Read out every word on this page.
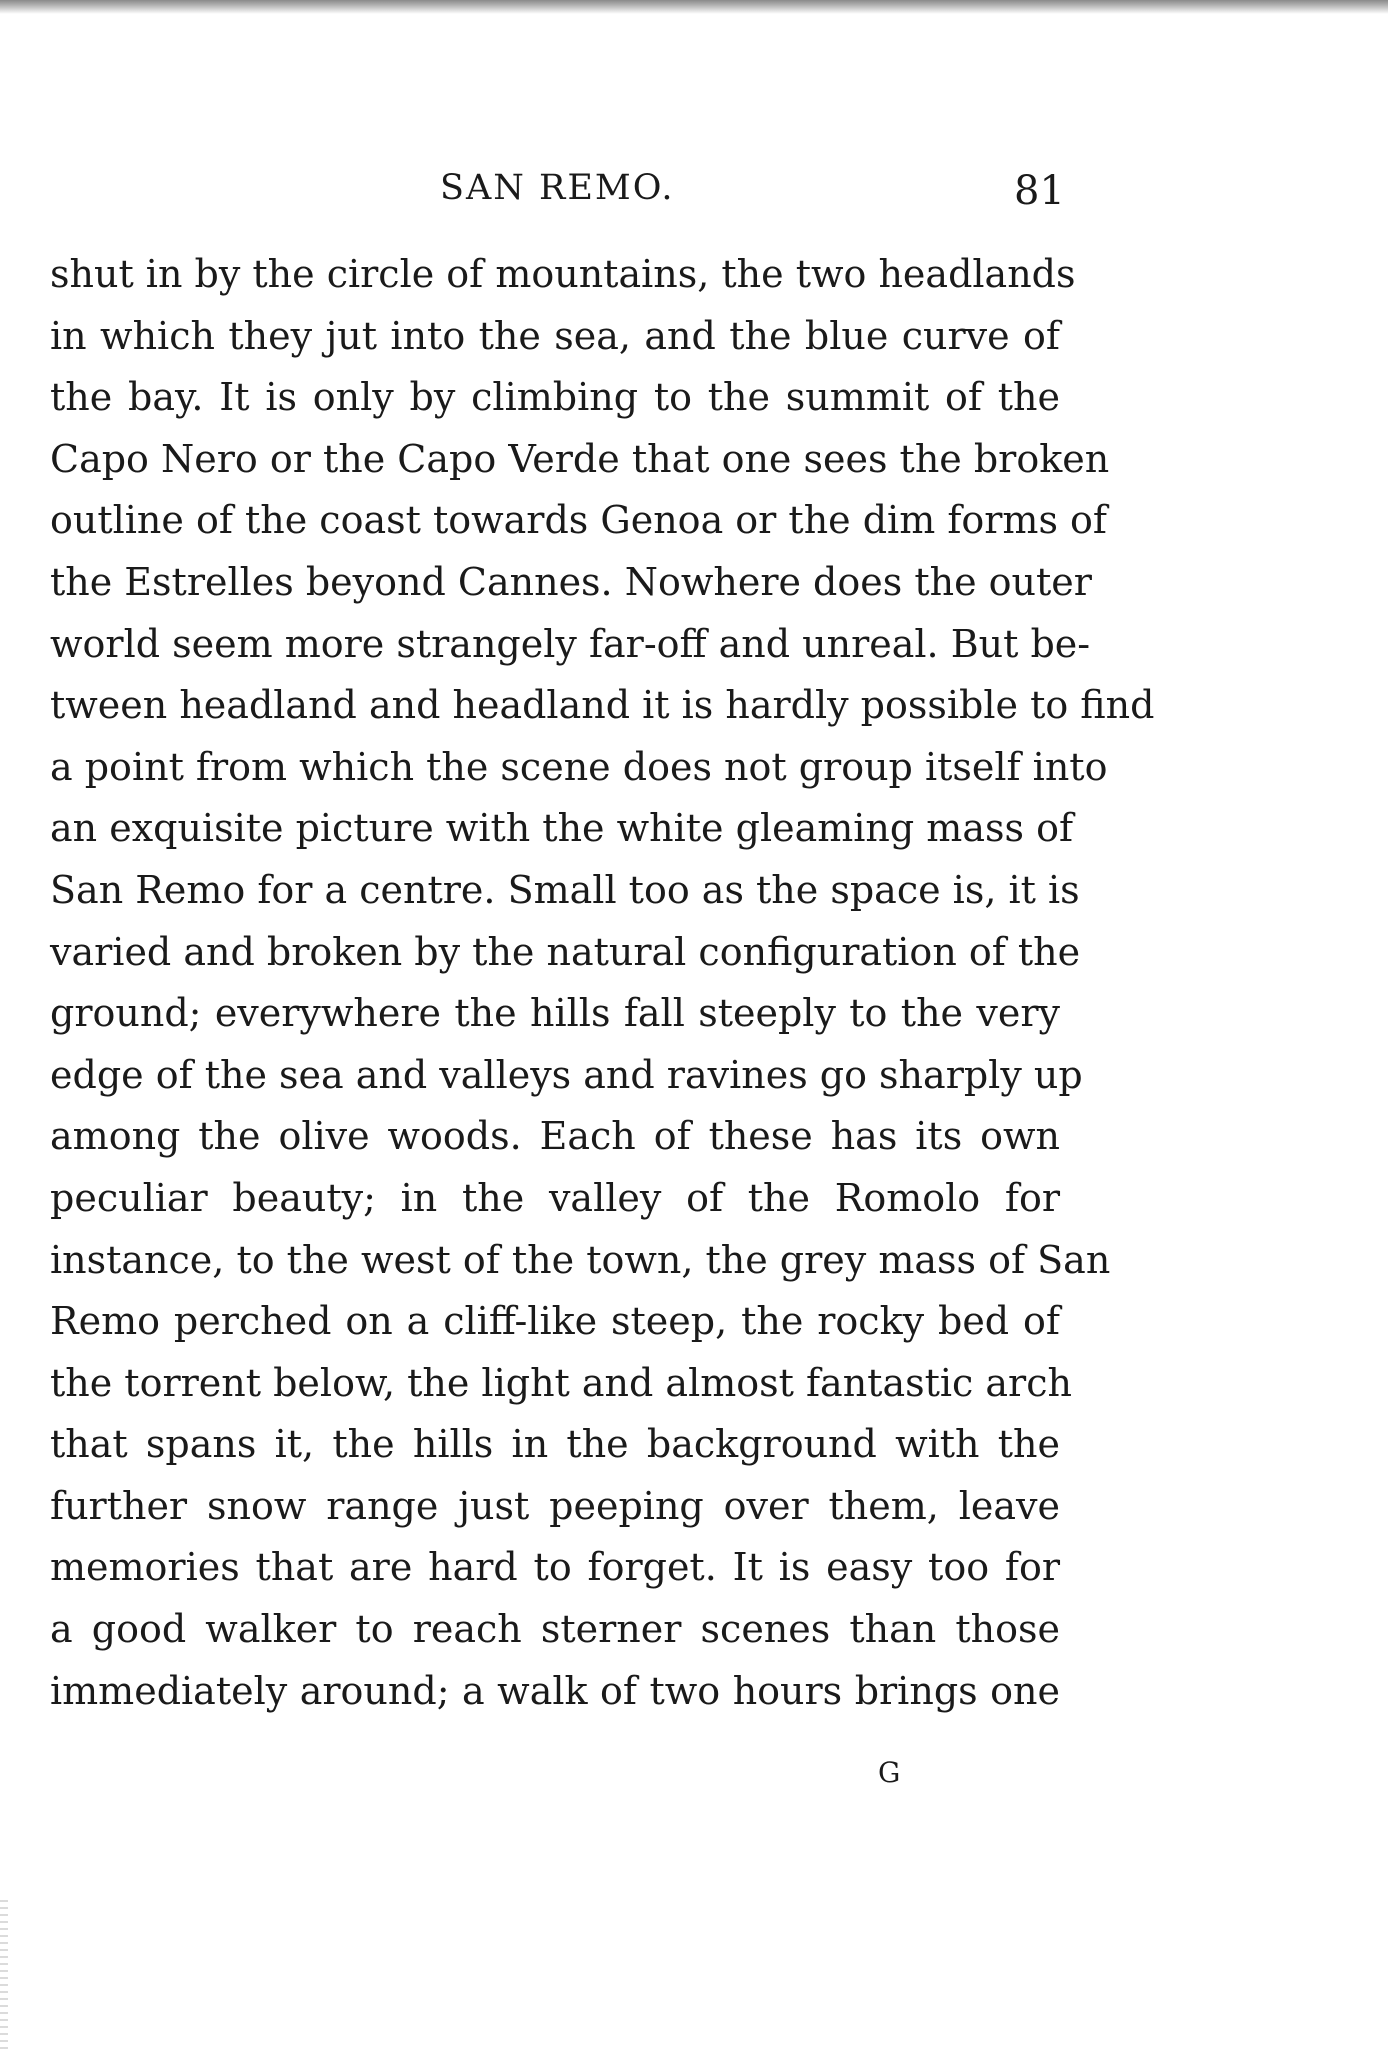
SAN REMO.	81
shut in by the circle of mountains, the two headlands
in which they jut into the sea, and the blue curve of
the bay. It is only by climbing to the summit of the
Capo Nero or the Capo Verde that one sees the broken
outline of the coast towards Genoa or the dim forms of
the Estrelles beyond Cannes. Nowhere does the outer
world seem more strangely far-off and unreal. But be-
tween headland and headland it is hardly possible to find
a point from which the scene does not group itself into
an exquisite picture with the white gleaming mass of
San Remo for a centre. Small too as the space is, it is
varied and broken by the natural configuration of the
ground; everywhere the hills fall steeply to the very
edge of the sea and valleys and ravines go sharply up
among the olive woods. Each of these has its own
peculiar beauty; in the valley of the Romolo for
instance, to the west of the town, the grey mass of San
Remo perched on a cliff-like steep, the rocky bed of
the torrent below, the light and almost fantastic arch
that spans it, the hills in the background with the
further snow range just peeping over them, leave
memories that are hard to forget. It is easy too for
a good walker to reach sterner scenes than those
immediately around; a walk of two hours brings one
G
